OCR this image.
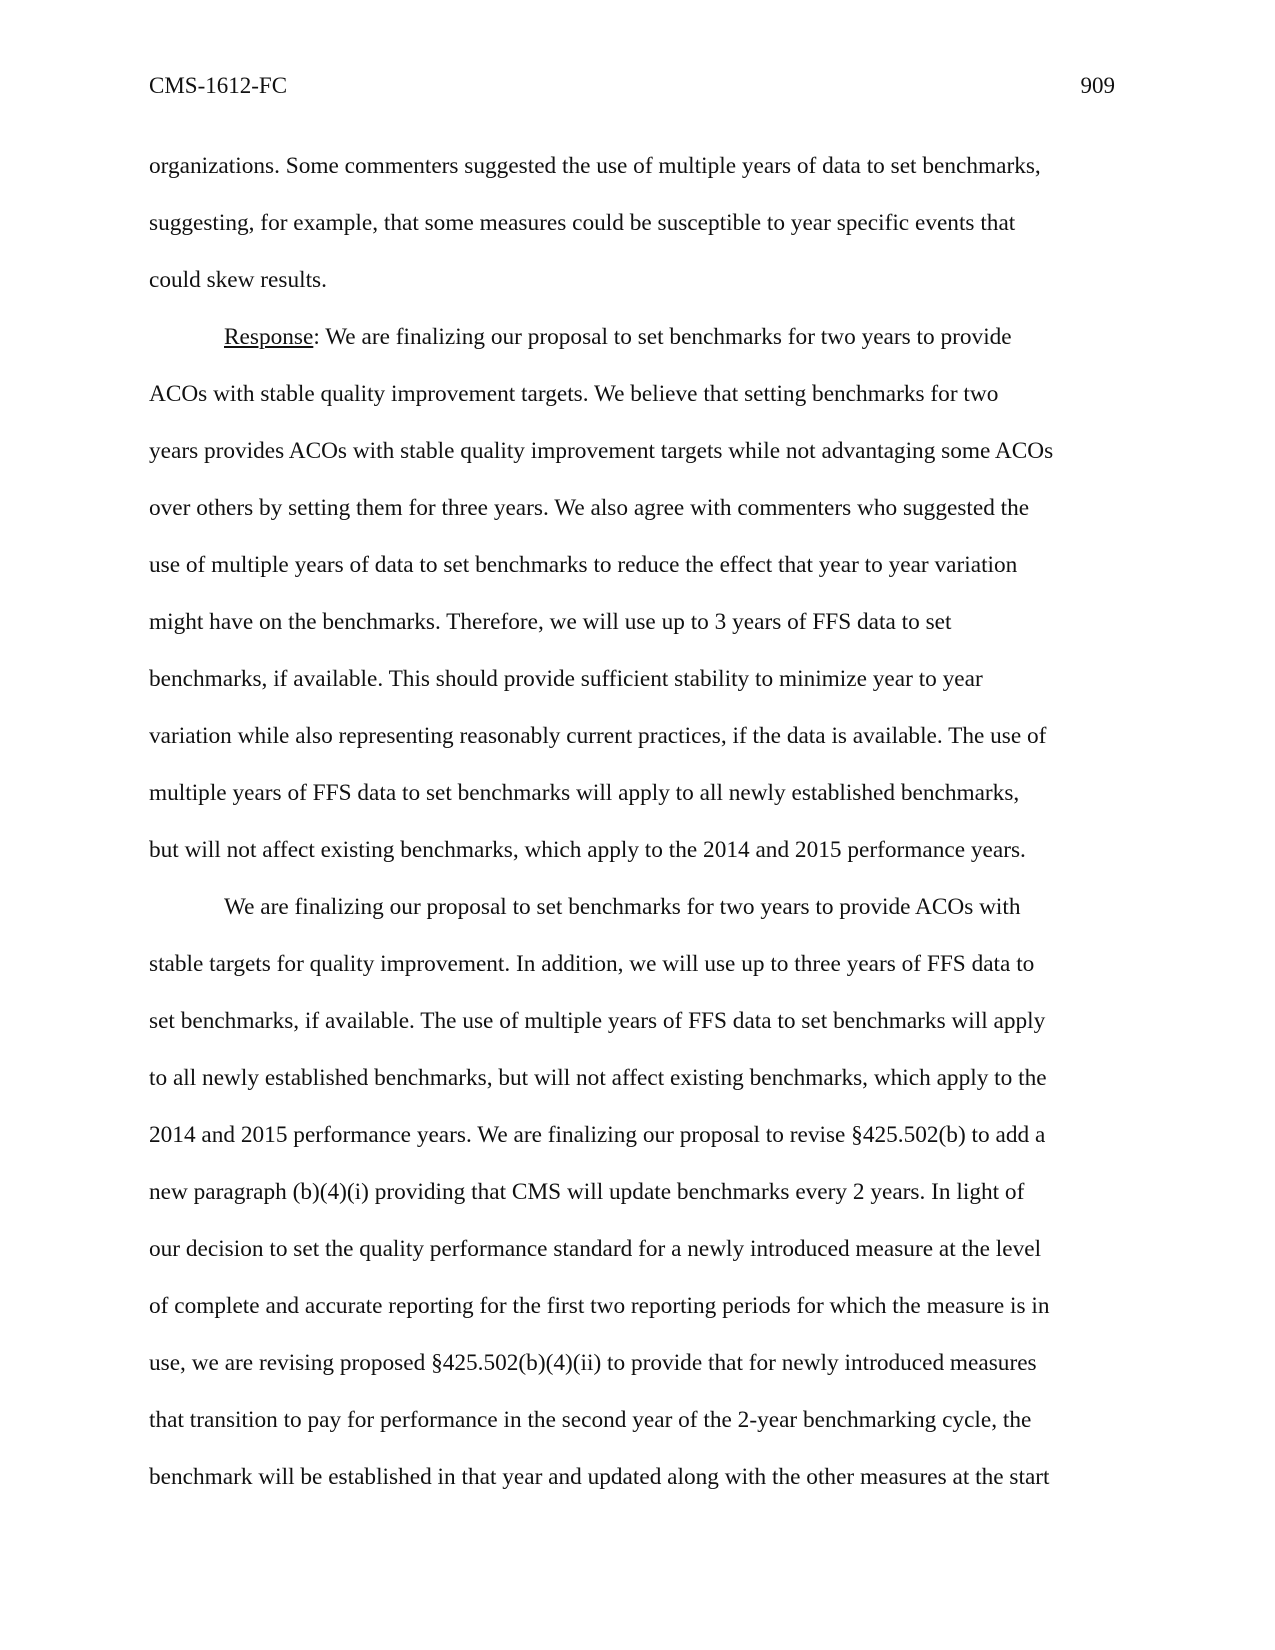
CMS-1612-FC	909
organizations. Some commenters suggested the use of multiple years of data to set benchmarks,
suggesting, for example, that some measures could be susceptible to year specific events that
could skew results.
Response: We are finalizing our proposal to set benchmarks for two years to provide
ACOs with stable quality improvement targets. We believe that setting benchmarks for two
years provides ACOs with stable quality improvement targets while not advantaging some ACOs
over others by setting them for three years. We also agree with commenters who suggested the
use of multiple years of data to set benchmarks to reduce the effect that year to year variation
might have on the benchmarks. Therefore, we will use up to 3 years of FFS data to set
benchmarks, if available. This should provide sufficient stability to minimize year to year
variation while also representing reasonably current practices, if the data is available. The use of
multiple years of FFS data to set benchmarks will apply to all newly established benchmarks,
but will not affect existing benchmarks, which apply to the 2014 and 2015 performance years.
We are finalizing our proposal to set benchmarks for two years to provide ACOs with
stable targets for quality improvement. In addition, we will use up to three years of FFS data to
set benchmarks, if available. The use of multiple years of FFS data to set benchmarks will apply
to all newly established benchmarks, but will not affect existing benchmarks, which apply to the
2014 and 2015 performance years. We are finalizing our proposal to revise §425.502(b) to add a
new paragraph (b)(4)(i) providing that CMS will update benchmarks every 2 years. In light of
our decision to set the quality performance standard for a newly introduced measure at the level
of complete and accurate reporting for the first two reporting periods for which the measure is in
use, we are revising proposed §425.502(b)(4)(ii) to provide that for newly introduced measures
that transition to pay for performance in the second year of the 2-year benchmarking cycle, the
benchmark will be established in that year and updated along with the other measures at the start
